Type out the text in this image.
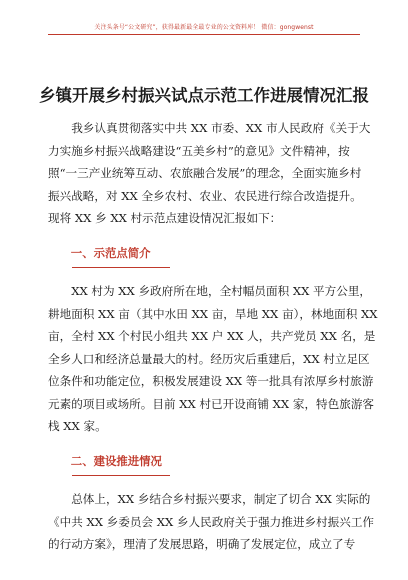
关注头条号“公文研究”，获得最新最全最专业的公文资料库！ 微信：gongwenst
乡镇开展乡村振兴试点示范工作进展情况汇报

我乡认真贯彻落实中共 XX 市委、XX 市人民政府《关于大

力实施乡村振兴战略建设“五美乡村”的意见》文件精神，按

照“一三产业统筹互动、农旅融合发展”的理念，全面实施乡村

振兴战略，对 XX 全乡农村、农业、农民进行综合改造提升。

现将 XX 乡 XX 村示范点建设情况汇报如下：

一、示范点简介

XX 村为 XX 乡政府所在地，全村幅员面积 XX 平方公里，

耕地面积 XX 亩（其中水田 XX 亩，旱地 XX 亩），林地面积 XX

亩，全村 XX 个村民小组共 XX 户 XX 人，共产党员 XX 名，是

全乡人口和经济总量最大的村。经历灾后重建后，XX 村立足区

位条件和功能定位，积极发展建设 XX 等一批具有浓厚乡村旅游

元素的项目或场所。目前 XX 村已开设商铺 XX 家，特色旅游客

栈 XX 家。

二、建设推进情况

总体上，XX 乡结合乡村振兴要求，制定了切合 XX 实际的

《中共 XX 乡委员会 XX 乡人民政府关于强力推进乡村振兴工作

的行动方案》，理清了发展思路，明确了发展定位，成立了专
